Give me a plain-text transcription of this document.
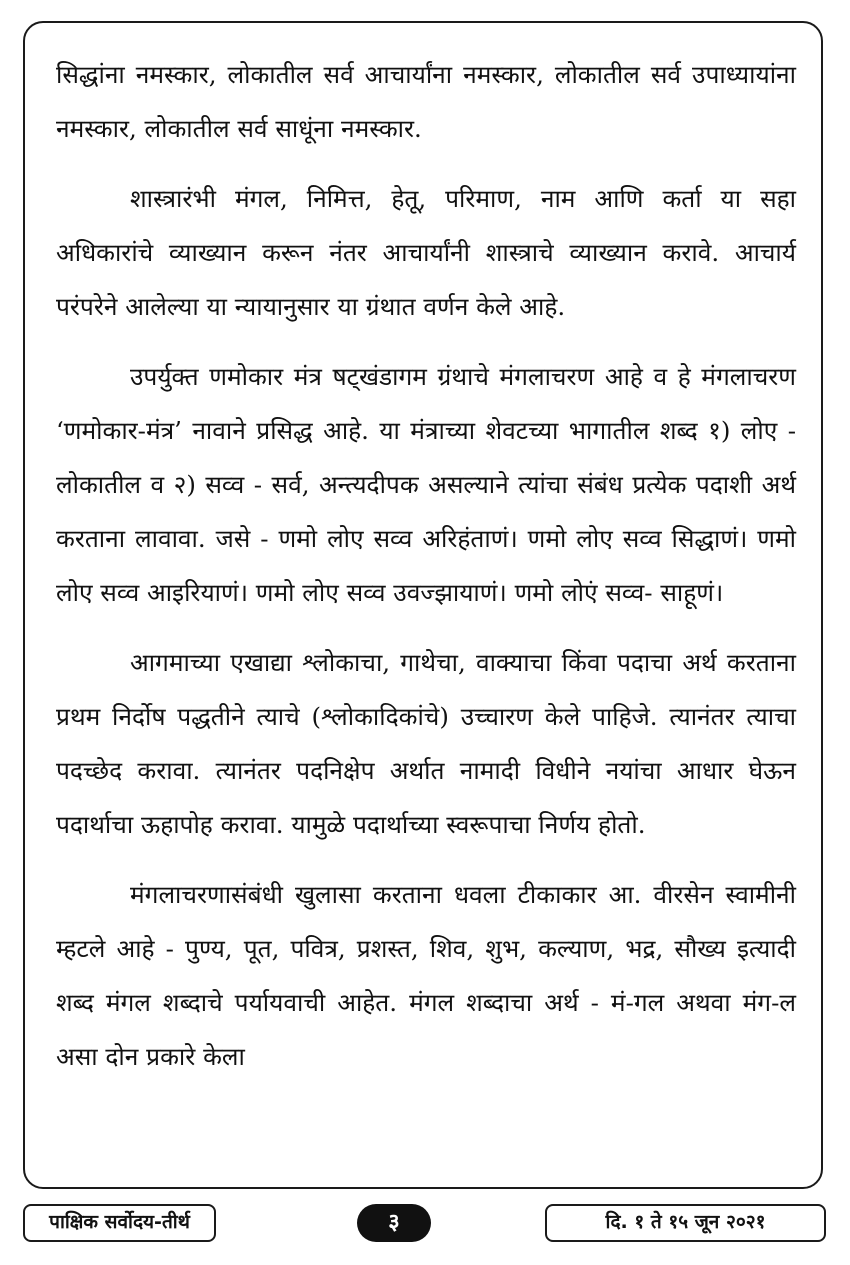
सिद्धांना नमस्कार, लोकातील सर्व आचार्यांना नमस्कार, लोकातील सर्व उपाध्यायांना नमस्कार, लोकातील सर्व साधूंना नमस्कार.

शास्त्रारंभी मंगल, निमित्त, हेतू, परिमाण, नाम आणि कर्ता या सहा अधिकारांचे व्याख्यान करून नंतर आचार्यांनी शास्त्राचे व्याख्यान करावे. आचार्य परंपरेने आलेल्या या न्यायानुसार या ग्रंथात वर्णन केले आहे.

उपर्युक्त णमोकार मंत्र षट्खंडागम ग्रंथाचे मंगलाचरण आहे व हे मंगलाचरण ‘णमोकार-मंत्र’ नावाने प्रसिद्ध आहे. या मंत्राच्या शेवटच्या भागातील शब्द १) लोए - लोकातील व २) सव्व - सर्व, अन्त्यदीपक असल्याने त्यांचा संबंध प्रत्येक पदाशी अर्थ करताना लावावा. जसे - णमो लोए सव्व अरिहंताणं। णमो लोए सव्व सिद्धाणं। णमो लोए सव्व आइरियाणं। णमो लोए सव्व उवज्झायाणं। णमो लोएं सव्व- साहूणं।

आगमाच्या एखाद्या श्लोकाचा, गाथेचा, वाक्याचा किंवा पदाचा अर्थ करताना प्रथम निर्दोष पद्धतीने त्याचे (श्लोकादिकांचे) उच्चारण केले पाहिजे. त्यानंतर त्याचा पदच्छेद करावा. त्यानंतर पदनिक्षेप अर्थात नामादी विधीने नयांचा आधार घेऊन पदार्थाचा ऊहापोह करावा. यामुळे पदार्थाच्या स्वरूपाचा निर्णय होतो.

मंगलाचरणासंबंधी खुलासा करताना धवला टीकाकार आ. वीरसेन स्वामीनी म्हटले आहे - पुण्य, पूत, पवित्र, प्रशस्त, शिव, शुभ, कल्याण, भद्र, सौख्य इत्यादी शब्द मंगल शब्दाचे पर्यायवाची आहेत. मंगल शब्दाचा अर्थ - मं-गल अथवा मंग-ल असा दोन प्रकारे केला

पाक्षिक सर्वोदय-तीर्थ	३	दि. १ ते १५ जून २०२१
